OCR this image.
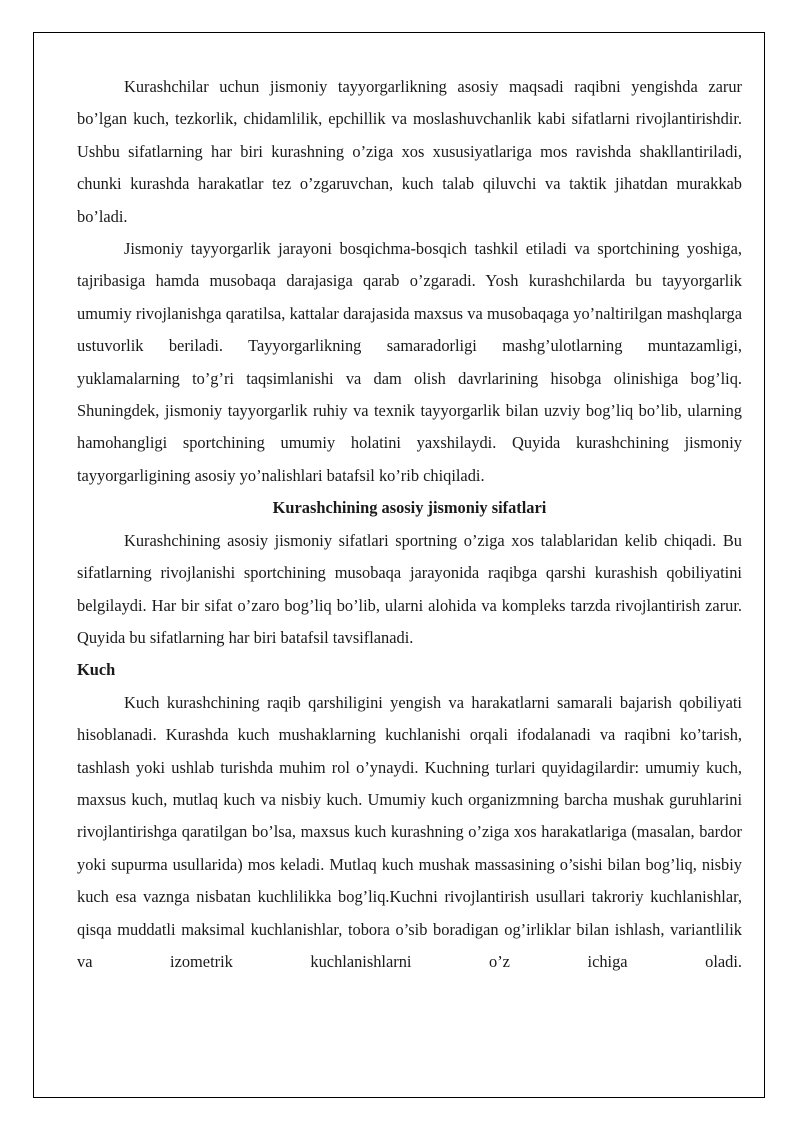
Kurashchilar uchun jismoniy tayyorgarlikning asosiy maqsadi raqibni yengishda zarur bo’lgan kuch, tezkorlik, chidamlilik, epchillik va moslashuvchanlik kabi sifatlarni rivojlantirishdir. Ushbu sifatlarning har biri kurashning o’ziga xos xususiyatlariga mos ravishda shakllantiriladi, chunki kurashda harakatlar tez o’zgaruvchan, kuch talab qiluvchi va taktik jihatdan murakkab bo’ladi.

Jismoniy tayyorgarlik jarayoni bosqichma-bosqich tashkil etiladi va sportchining yoshiga, tajribasiga hamda musobaqa darajasiga qarab o’zgaradi. Yosh kurashchilarda bu tayyorgarlik umumiy rivojlanishga qaratilsa, kattalar darajasida maxsus va musobaqaga yo’naltirilgan mashqlarga ustuvorlik beriladi. Tayyorgarlikning samaradorligi mashg’ulotlarning muntazamligi, yuklamalarning to’g’ri taqsimlanishi va dam olish davrlarining hisobga olinishiga bog’liq. Shuningdek, jismoniy tayyorgarlik ruhiy va texnik tayyorgarlik bilan uzviy bog’liq bo’lib, ularning hamohangligi sportchining umumiy holatini yaxshilaydi. Quyida kurashchining jismoniy tayyorgarligining asosiy yo’nalishlari batafsil ko’rib chiqiladi.

Kurashchining asosiy jismoniy sifatlari

Kurashchining asosiy jismoniy sifatlari sportning o’ziga xos talablaridan kelib chiqadi. Bu sifatlarning rivojlanishi sportchining musobaqa jarayonida raqibga qarshi kurashish qobiliyatini belgilaydi. Har bir sifat o’zaro bog’liq bo’lib, ularni alohida va kompleks tarzda rivojlantirish zarur. Quyida bu sifatlarning har biri batafsil tavsiflanadi.

Kuch

Kuch kurashchining raqib qarshiligini yengish va harakatlarni samarali bajarish qobiliyati hisoblanadi. Kurashda kuch mushaklarning kuchlanishi orqali ifodalanadi va raqibni ko’tarish, tashlash yoki ushlab turishda muhim rol o’ynaydi. Kuchning turlari quyidagilardir: umumiy kuch, maxsus kuch, mutlaq kuch va nisbiy kuch. Umumiy kuch organizmning barcha mushak guruhlarini rivojlantirishga qaratilgan bo’lsa, maxsus kuch kurashning o’ziga xos harakatlariga (masalan, bardor yoki supurma usullarida) mos keladi. Mutlaq kuch mushak massasining o’sishi bilan bog’liq, nisbiy kuch esa vaznga nisbatan kuchlilikka bog’liq.Kuchni rivojlantirish usullari takroriy kuchlanishlar, qisqa muddatli maksimal kuchlanishlar, tobora o’sib boradigan og’irliklar bilan ishlash, variantlilik va izometrik kuchlanishlarni o’z ichiga oladi.
